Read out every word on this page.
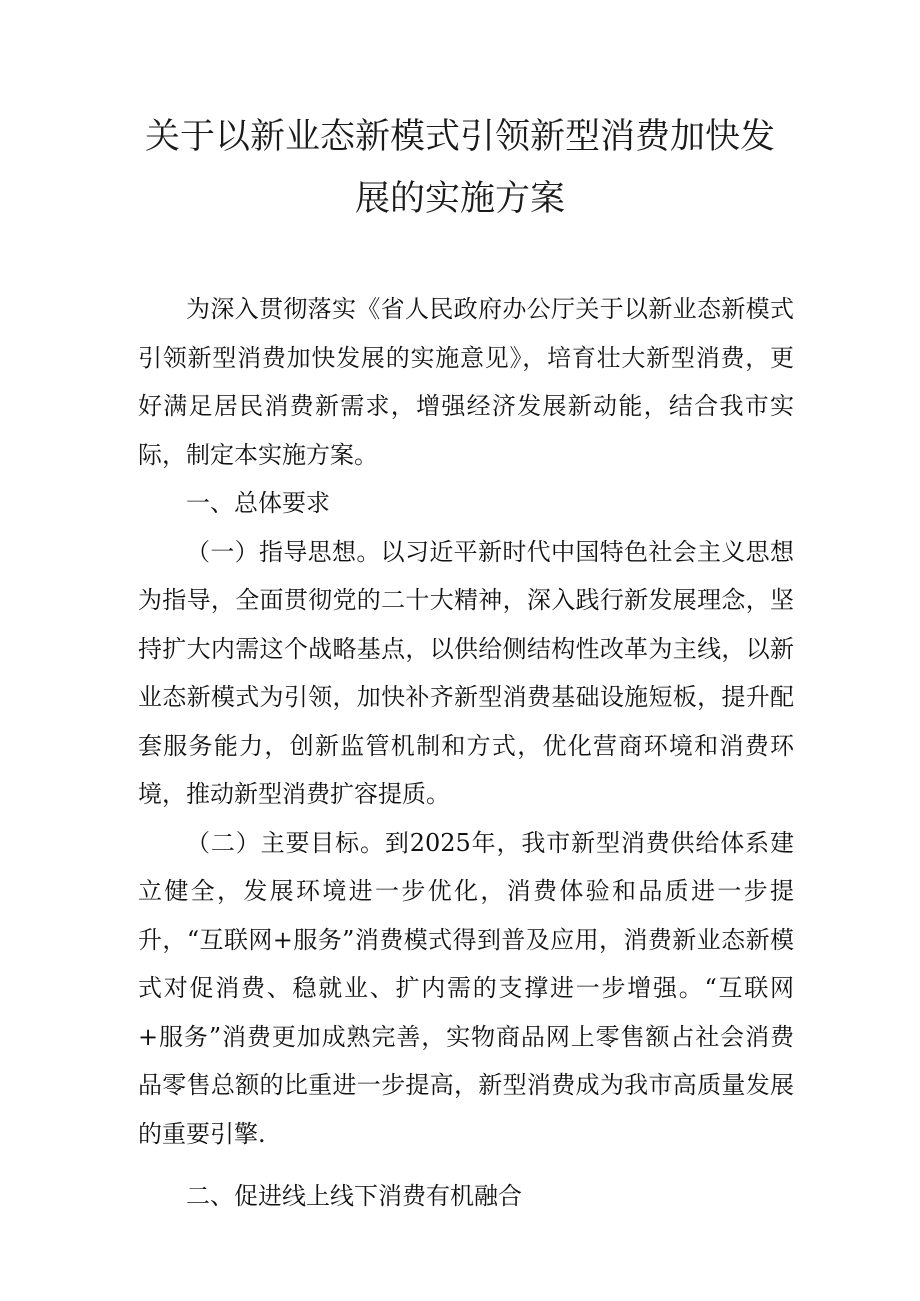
关于以新业态新模式引领新型消费加快发
展的实施方案

为深入贯彻落实《省人民政府办公厅关于以新业态新模式引领新型消费加快发展的实施意见》，培育壮大新型消费，更好满足居民消费新需求，增强经济发展新动能，结合我市实际，制定本实施方案。

一、总体要求

（一）指导思想。以习近平新时代中国特色社会主义思想为指导，全面贯彻党的二十大精神，深入践行新发展理念，坚持扩大内需这个战略基点，以供给侧结构性改革为主线，以新业态新模式为引领，加快补齐新型消费基础设施短板，提升配套服务能力，创新监管机制和方式，优化营商环境和消费环境，推动新型消费扩容提质。

（二）主要目标。到2025年，我市新型消费供给体系建立健全，发展环境进一步优化，消费体验和品质进一步提升，“互联网+服务”消费模式得到普及应用，消费新业态新模式对促消费、稳就业、扩内需的支撑进一步增强。“互联网+服务”消费更加成熟完善，实物商品网上零售额占社会消费品零售总额的比重进一步提高，新型消费成为我市高质量发展的重要引擎.

二、促进线上线下消费有机融合
